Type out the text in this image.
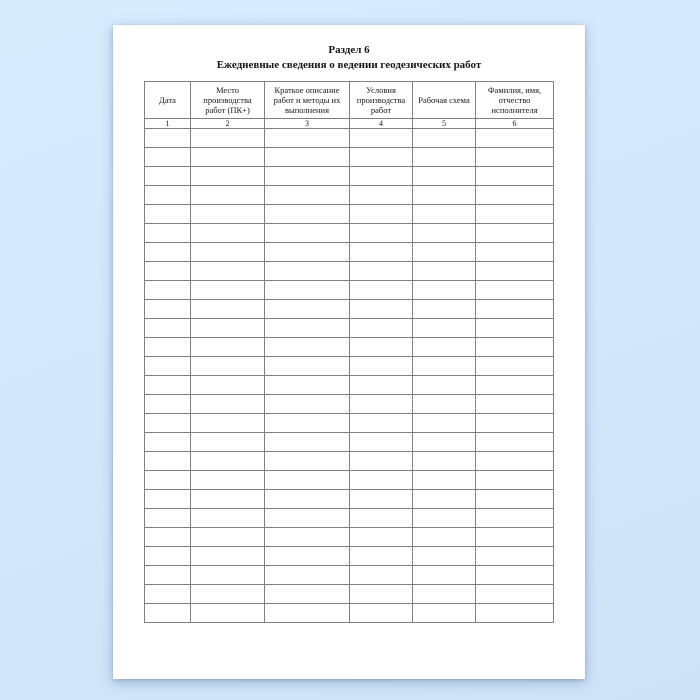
Раздел 6
Ежедневные сведения о ведении геодезических работ
Дата	Место производства работ (ПК+)	Краткое описание работ и методы их выполнения	Условия производства работ	Рабочая схема	Фамилия, имя, отчество исполнителя
1	2	3	4	5	6
